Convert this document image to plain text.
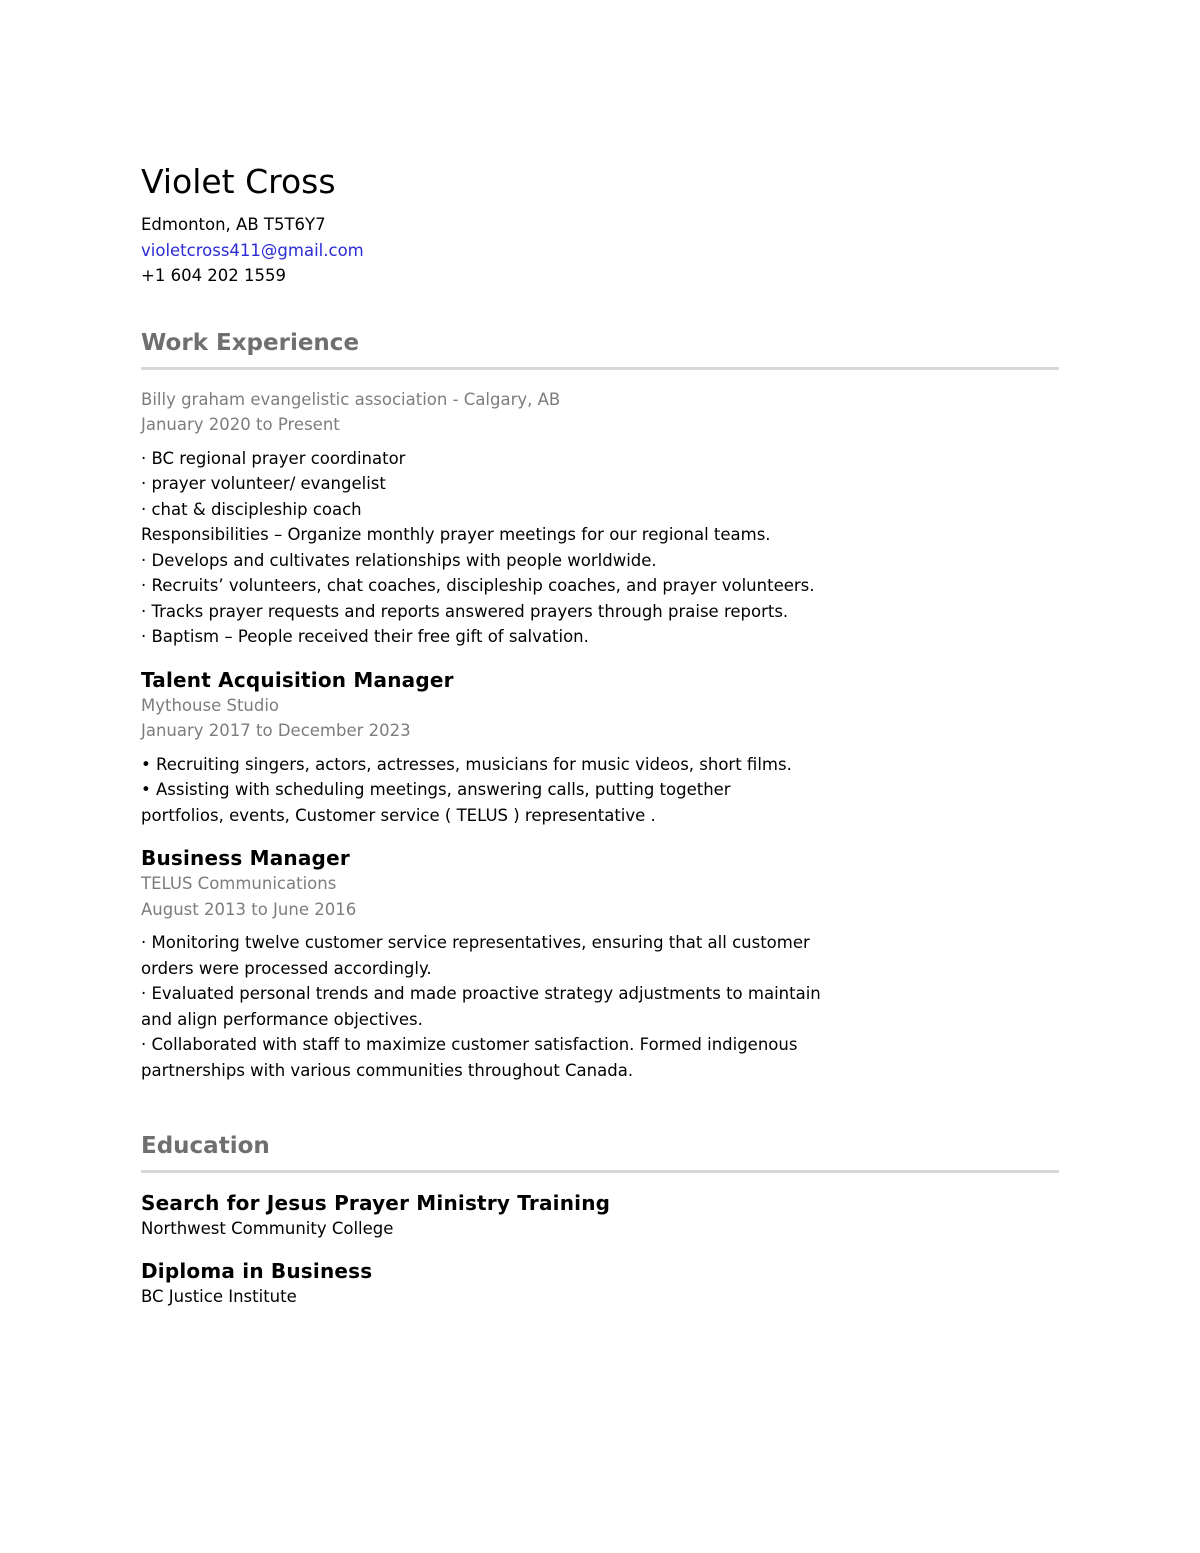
Violet Cross
Edmonton, AB T5T6Y7
violetcross411@gmail.com
+1 604 202 1559
Work Experience
Billy graham evangelistic association - Calgary, AB
January 2020 to Present
· BC regional prayer coordinator
· prayer volunteer/ evangelist
· chat & discipleship coach
Responsibilities – Organize monthly prayer meetings for our regional teams.
· Develops and cultivates relationships with people worldwide.
· Recruits’ volunteers, chat coaches, discipleship coaches, and prayer volunteers.
· Tracks prayer requests and reports answered prayers through praise reports.
· Baptism – People received their free gift of salvation.
Talent Acquisition Manager
Mythouse Studio
January 2017 to December 2023
• Recruiting singers, actors, actresses, musicians for music videos, short films.
• Assisting with scheduling meetings, answering calls, putting together
portfolios, events, Customer service ( TELUS ) representative .
Business Manager
TELUS Communications
August 2013 to June 2016
· Monitoring twelve customer service representatives, ensuring that all customer
orders were processed accordingly.
· Evaluated personal trends and made proactive strategy adjustments to maintain
and align performance objectives.
· Collaborated with staff to maximize customer satisfaction. Formed indigenous
partnerships with various communities throughout Canada.
Education
Search for Jesus Prayer Ministry Training
Northwest Community College
Diploma in Business
BC Justice Institute
